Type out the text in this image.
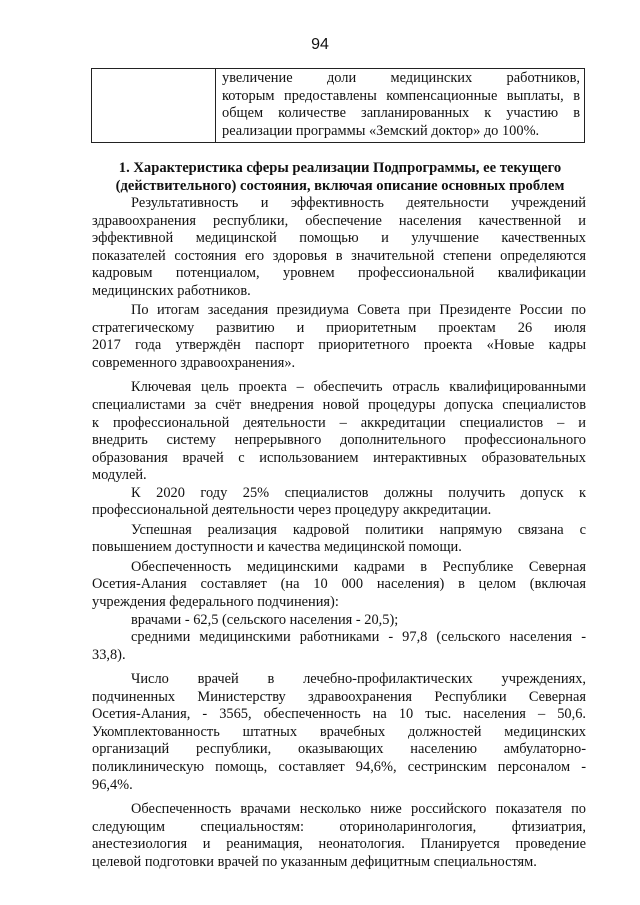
94

увеличение доли медицинских работников,
которым предоставлены компенсационные выплаты, в
общем количестве запланированных к участию в
реализации программы «Земский доктор» до 100%.
1. Характеристика сферы реализации Подпрограммы, ее текущего
(действительного) состояния, включая описание основных проблем
Результативность и эффективность деятельности учреждений
здравоохранения республики, обеспечение населения качественной и
эффективной медицинской помощью и улучшение качественных
показателей состояния его здоровья в значительной степени определяются
кадровым потенциалом, уровнем профессиональной квалификации
медицинских работников.
По итогам заседания президиума Совета при Президенте России по
стратегическому развитию и приоритетным проектам 26 июля
2017 года утверждён паспорт приоритетного проекта «Новые кадры
современного здравоохранения».
Ключевая цель проекта – обеспечить отрасль квалифицированными
специалистами за счёт внедрения новой процедуры допуска специалистов
к профессиональной деятельности – аккредитации специалистов – и
внедрить систему непрерывного дополнительного профессионального
образования врачей с использованием интерактивных образовательных
модулей.
К 2020 году 25% специалистов должны получить допуск к
профессиональной деятельности через процедуру аккредитации.
Успешная реализация кадровой политики напрямую связана с
повышением доступности и качества медицинской помощи.
Обеспеченность медицинскими кадрами в Республике Северная
Осетия-Алания составляет (на 10 000 населения) в целом (включая
учреждения федерального подчинения):
врачами - 62,5 (сельского населения - 20,5);
средними медицинскими работниками - 97,8 (сельского населения -
33,8).
Число врачей в лечебно-профилактических учреждениях,
подчиненных Министерству здравоохранения Республики Северная
Осетия-Алания, - 3565, обеспеченность на 10 тыс. населения – 50,6.
Укомплектованность штатных врачебных должностей медицинских
организаций республики, оказывающих населению амбулаторно-
поликлиническую помощь, составляет 94,6%, сестринским персоналом -
96,4%.
Обеспеченность врачами несколько ниже российского показателя по
следующим специальностям: оториноларингология, фтизиатрия,
анестезиология и реанимация, неонатология. Планируется проведение
целевой подготовки врачей по указанным дефицитным специальностям.
